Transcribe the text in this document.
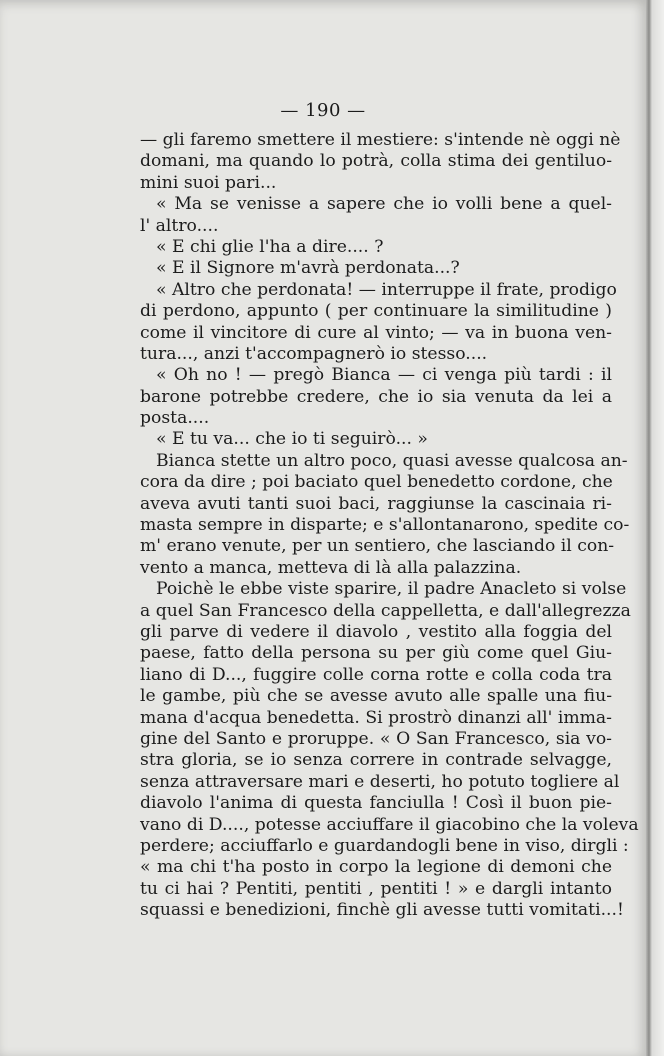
— 190 —
— gli faremo smettere il mestiere: s'intende nè oggi nè
domani, ma quando lo potrà, colla stima dei gentiluo-
mini suoi pari...
« Ma se venisse a sapere che io volli bene a quel-
l' altro....
« E chi glie l'ha a dire.... ?
« E il Signore m'avrà perdonata...?
« Altro che perdonata! — interruppe il frate, prodigo
di perdono, appunto ( per continuare la similitudine )
come il vincitore di cure al vinto; — va in buona ven-
tura..., anzi t'accompagnerò io stesso....
« Oh no ! — pregò Bianca — ci venga più tardi : il
barone potrebbe credere, che io sia venuta da lei a
posta....
« E tu va... che io ti seguirò... »
Bianca stette un altro poco, quasi avesse qualcosa an-
cora da dire ; poi baciato quel benedetto cordone, che
aveva avuti tanti suoi baci, raggiunse la cascinaia ri-
masta sempre in disparte; e s'allontanarono, spedite co-
m' erano venute, per un sentiero, che lasciando il con-
vento a manca, metteva di là alla palazzina.
Poichè le ebbe viste sparire, il padre Anacleto si volse
a quel San Francesco della cappelletta, e dall'allegrezza
gli parve di vedere il diavolo , vestito alla foggia del
paese, fatto della persona su per giù come quel Giu-
liano di D..., fuggire colle corna rotte e colla coda tra
le gambe, più che se avesse avuto alle spalle una fiu-
mana d'acqua benedetta. Si prostrò dinanzi all' imma-
gine del Santo e proruppe. « O San Francesco, sia vo-
stra gloria, se io senza correre in contrade selvagge,
senza attraversare mari e deserti, ho potuto togliere al
diavolo l'anima di questa fanciulla ! Così il buon pie-
vano di D...., potesse acciuffare il giacobino che la voleva
perdere; acciuffarlo e guardandogli bene in viso, dirgli :
« ma chi t'ha posto in corpo la legione di demoni che
tu ci hai ? Pentiti, pentiti , pentiti ! » e dargli intanto
squassi e benedizioni, finchè gli avesse tutti vomitati...!
